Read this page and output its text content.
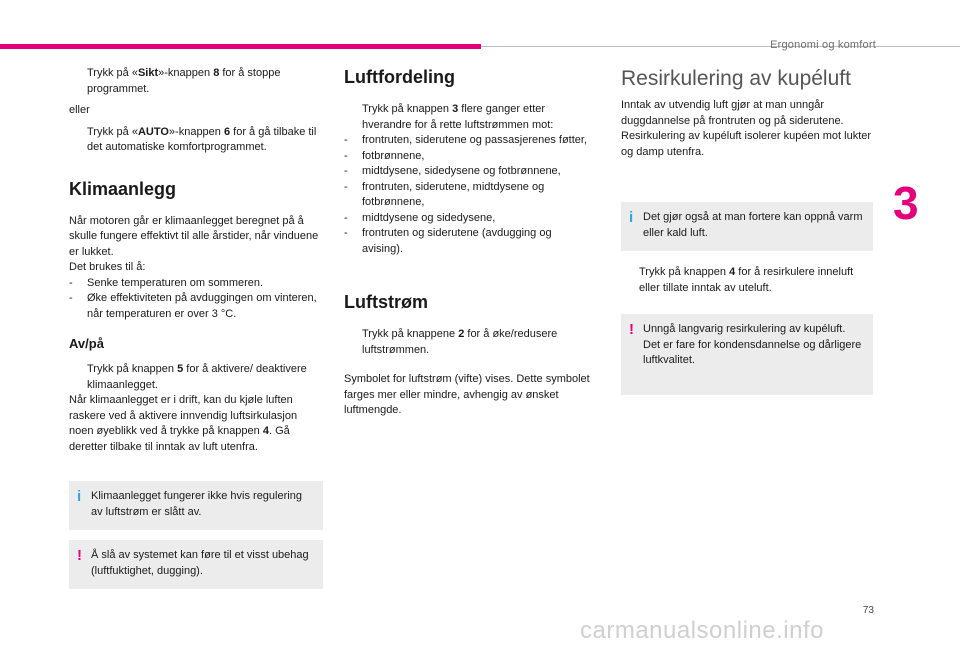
Ergonomi og komfort
3
Trykk på «Sikt»-knappen 8 for å stoppe programmet.

eller

Trykk på «AUTO»-knappen 6 for å gå tilbake til det automatiske komfortprogrammet.
Klimaanlegg

Når motoren går er klimaanlegget beregnet på å skulle fungere effektivt til alle årstider, når vinduene er lukket.

Det brukes til å:

- Senke temperaturen om sommeren.
- Øke effektiviteten på avduggingen om vinteren, når temperaturen er over 3 °C.
Av/på
Trykk på knappen 5 for å aktivere/ deaktivere klimaanlegget.

Når klimaanlegget er i drift, kan du kjøle luften raskere ved å aktivere innvendig luftsirkulasjon noen øyeblikk ved å trykke på knappen 4. Gå deretter tilbake til inntak av luft utenfra.

i Klimaanlegget fungerer ikke hvis regulering av luftstrøm er slått av.
! Å slå av systemet kan føre til et visst ubehag (luftfuktighet, dugging).
Luftfordeling
Trykk på knappen 3 flere ganger etter hverandre for å rette luftstrømmen mot:
- frontruten, siderutene og passasjerenes føtter,
- fotbrønnene,
- midtdysene, sidedysene og fotbrønnene,
- frontruten, siderutene, midtdysene og fotbrønnene,
- midtdysene og sidedysene,
- frontruten og siderutene (avdugging og avising).
Luftstrøm
Trykk på knappene 2 for å øke/redusere luftstrømmen.

Symbolet for luftstrøm (vifte) vises. Dette symbolet farges mer eller mindre, avhengig av ønsket luftmengde.

Resirkulering av kupéluft

Inntak av utvendig luft gjør at man unngår duggdannelse på frontruten og på siderutene. Resirkulering av kupéluft isolerer kupéen mot lukter og damp utenfra.

i Det gjør også at man fortere kan oppnå varm eller kald luft.
Trykk på knappen 4 for å resirkulere inneluft eller tillate inntak av uteluft.
! Unngå langvarig resirkulering av kupéluft. Det er fare for kondensdannelse og dårligere luftkvalitet.
73
carmanualsonline.info
